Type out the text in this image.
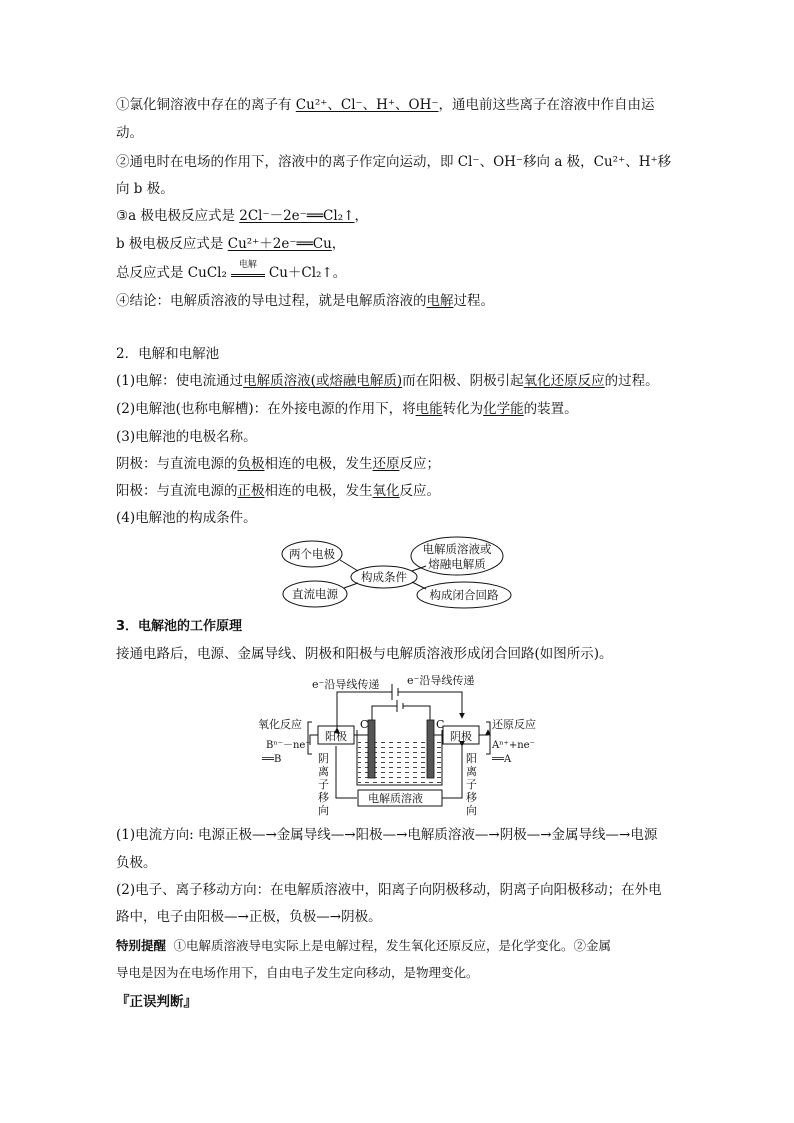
①氯化铜溶液中存在的离子有 Cu²⁺、Cl⁻、H⁺、OH⁻，通电前这些离子在溶液中作自由运
动。
②通电时在电场的作用下，溶液中的离子作定向运动，即 Cl⁻、OH⁻移向 a 极，Cu²⁺、H⁺移
向 b 极。
③a 极电极反应式是 2Cl⁻－2e⁻══Cl₂↑，
b 极电极反应式是 Cu²⁺＋2e⁻══Cu，
总反应式是 CuCl₂	电解 Cu＋Cl₂↑。
④结论：电解质溶液的导电过程，就是电解质溶液的电解过程。
2．电解和电解池
(1)电解：使电流通过电解质溶液(或熔融电解质)而在阳极、阴极引起氧化还原反应的过程。
(2)电解池(也称电解槽)：在外接电源的作用下，将电能转化为化学能的装置。
(3)电解池的电极名称。
阴极：与直流电源的负极相连的电极，发生还原反应；
阳极：与直流电源的正极相连的电极，发生氧化反应。
(4)电解池的构成条件。
两个电极	电解质溶液或
熔融电解质
直流电源	构成闭合回路
构成条件
3．电解池的工作原理
接通电路后，电源、金属导线、阴极和阳极与电解质溶液形成闭合回路(如图所示)。
e⁻沿导线传递	e⁻沿导线传递
氧化反应	还原反应
阳极	阴极
C	C
Bⁿ⁻－ne⁻
══B
Aⁿ⁺+ne⁻
══A
电解质溶液
阴
离
子
移
向
阳
离
子
移
向
(1)电流方向: 电源正极—→金属导线—→阳极—→电解质溶液—→阴极—→金属导线—→电源
负极。
(2)电子、离子移动方向：在电解质溶液中，阳离子向阴极移动，阴离子向阳极移动；在外电
路中，电子由阳极—→正极，负极—→阴极。
特别提醒 ①电解质溶液导电实际上是电解过程，发生氧化还原反应，是化学变化。②金属
导电是因为在电场作用下，自由电子发生定向移动，是物理变化。
『正误判断』
